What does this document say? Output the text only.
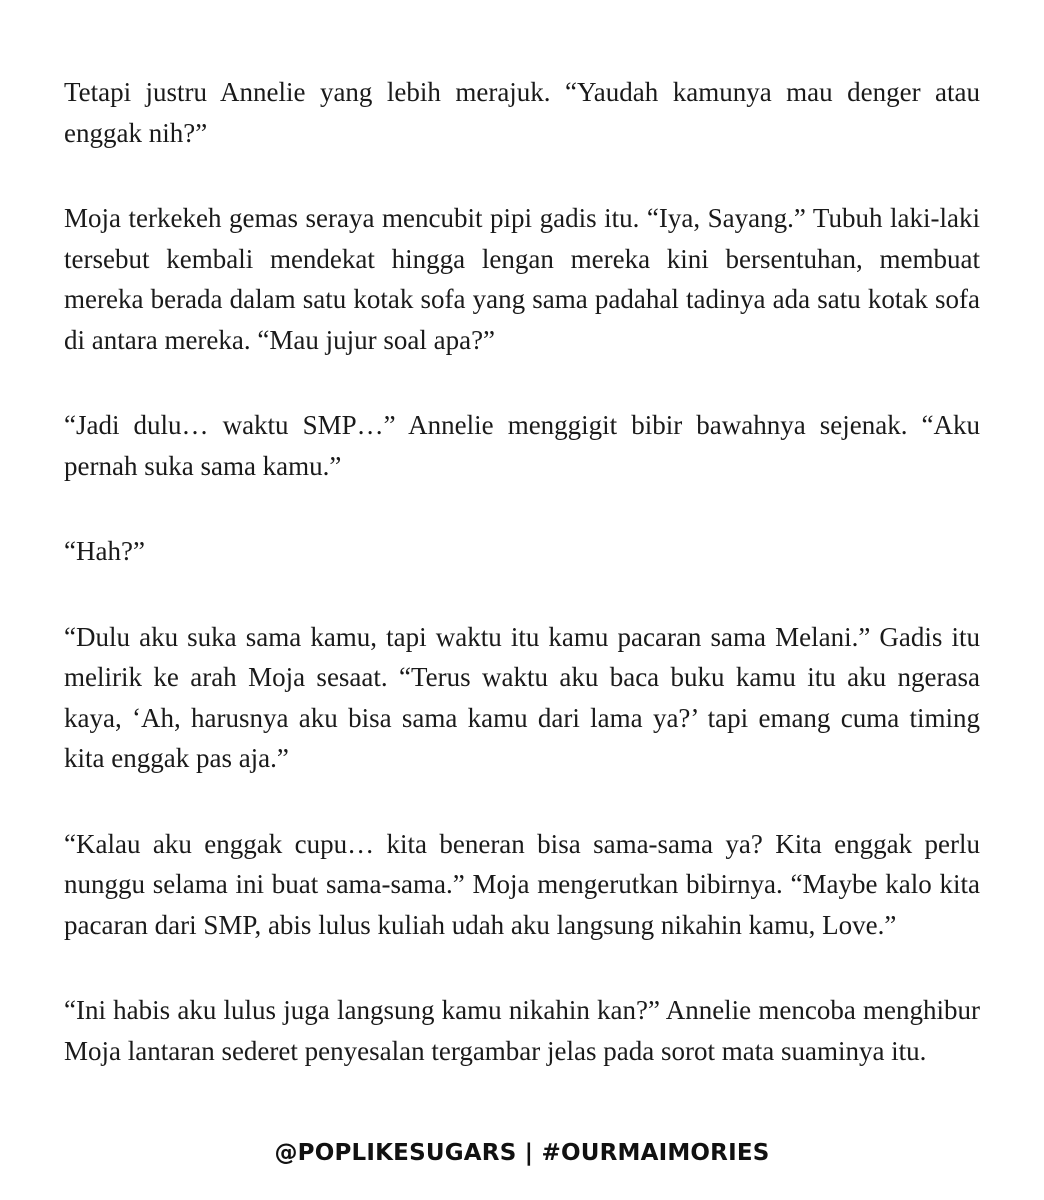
Tetapi justru Annelie yang lebih merajuk. “Yaudah kamunya mau denger atau enggak nih?”

Moja terkekeh gemas seraya mencubit pipi gadis itu. “Iya, Sayang.” Tubuh laki-laki tersebut kembali mendekat hingga lengan mereka kini bersentuhan, membuat mereka berada dalam satu kotak sofa yang sama padahal tadinya ada satu kotak sofa di antara mereka. “Mau jujur soal apa?”

“Jadi dulu… waktu SMP…” Annelie menggigit bibir bawahnya sejenak. “Aku pernah suka sama kamu.”

“Hah?”

“Dulu aku suka sama kamu, tapi waktu itu kamu pacaran sama Melani.” Gadis itu melirik ke arah Moja sesaat. “Terus waktu aku baca buku kamu itu aku ngerasa kaya, ‘Ah, harusnya aku bisa sama kamu dari lama ya?’ tapi emang cuma timing kita enggak pas aja.”

“Kalau aku enggak cupu… kita beneran bisa sama-sama ya? Kita enggak perlu nunggu selama ini buat sama-sama.” Moja mengerutkan bibirnya. “Maybe kalo kita pacaran dari SMP, abis lulus kuliah udah aku langsung nikahin kamu, Love.”

“Ini habis aku lulus juga langsung kamu nikahin kan?” Annelie mencoba menghibur Moja lantaran sederet penyesalan tergambar jelas pada sorot mata suaminya itu.

@POPLIKESUGARS | #OURMAIMORIES
